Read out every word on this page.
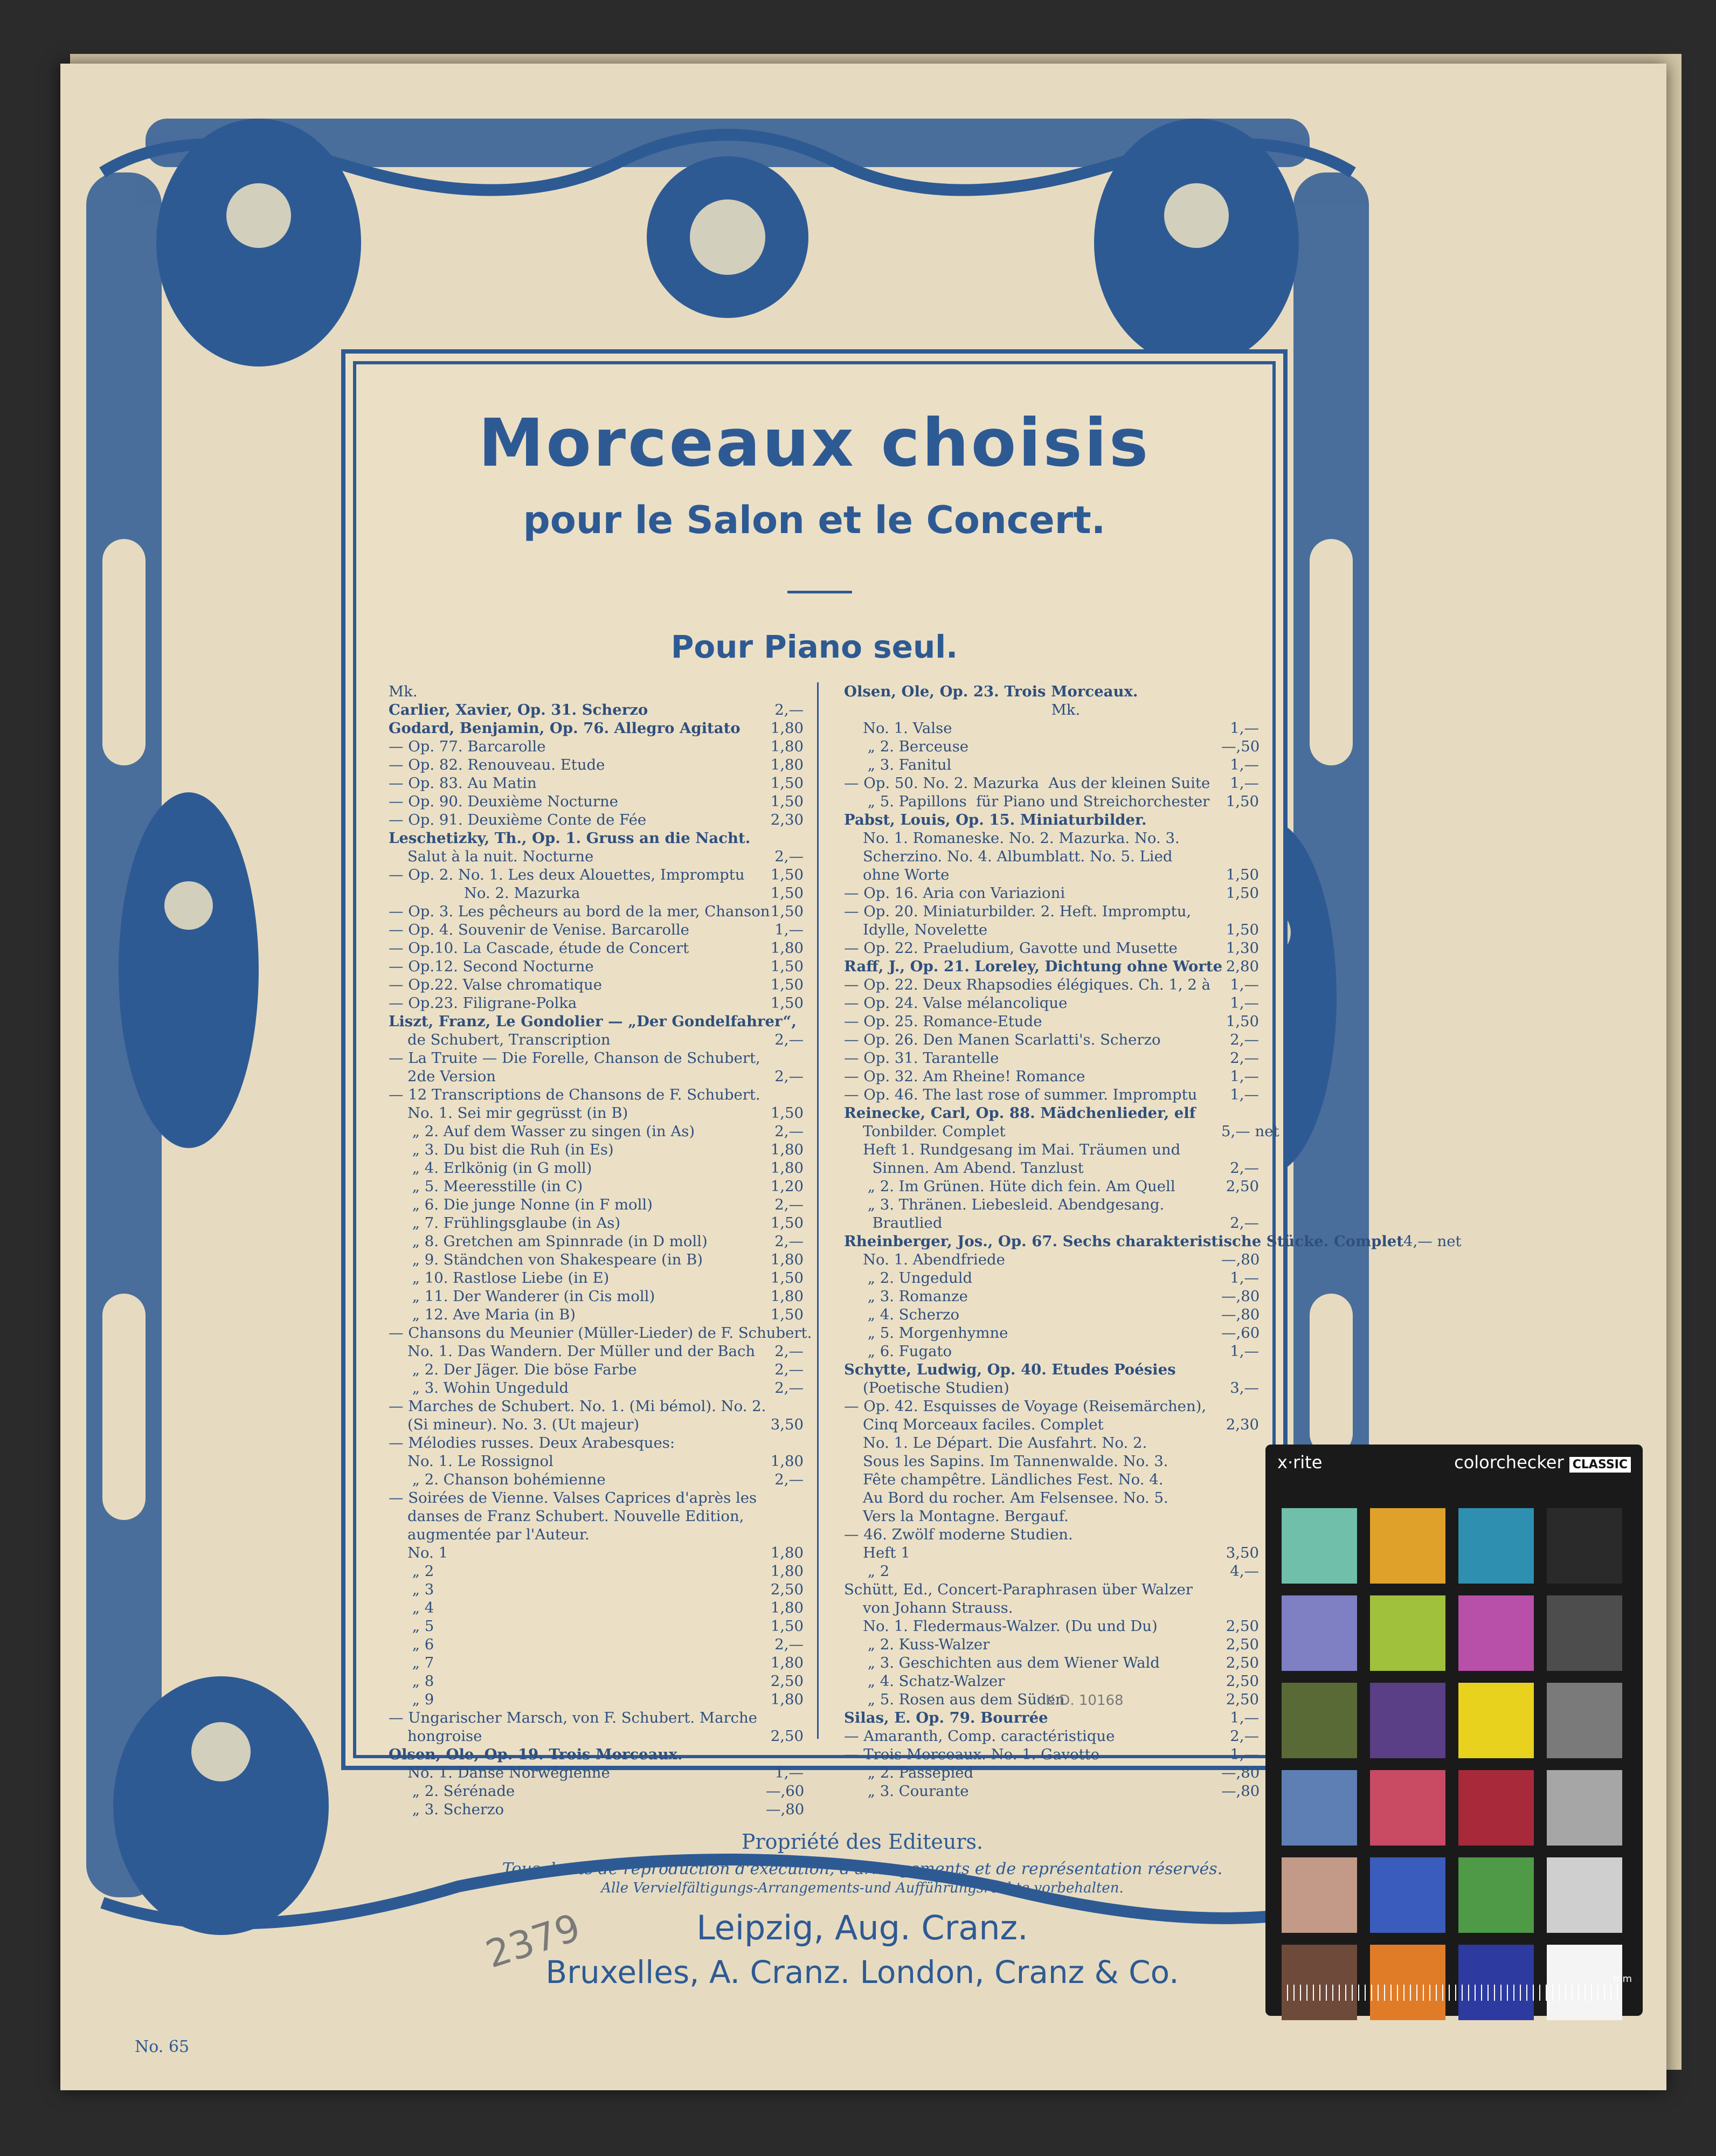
Morceaux choisis
pour le Salon et le Concert.
Pour Piano seul.
Mk.
Carlier, Xavier, Op. 31. Scherzo	2,—
Godard, Benjamin, Op. 76. Allegro Agitato	1,80
— Op. 77. Barcarolle	1,80
— Op. 82. Renouveau. Etude	1,80
— Op. 83. Au Matin	1,50
— Op. 90. Deuxième Nocturne	1,50
— Op. 91. Deuxième Conte de Fée	2,30
Leschetizky, Th., Op. 1. Gruss an die Nacht.
Salut à la nuit. Nocturne	2,—
— Op. 2. No. 1. Les deux Alouettes, Impromptu	1,50
No. 2. Mazurka	1,50
— Op. 3. Les pêcheurs au bord de la mer, Chanson 1,50
— Op. 4. Souvenir de Venise. Barcarolle	1,—
— Op.10. La Cascade, étude de Concert	1,80
— Op.12. Second Nocturne	1,50
— Op.22. Valse chromatique	1,50
— Op.23. Filigrane-Polka	1,50
Liszt, Franz, Le Gondolier — „Der Gondelfahrer“,
de Schubert, Transcription	2,—
— La Truite — Die Forelle, Chanson de Schubert,
2de Version	2,—
— 12 Transcriptions de Chansons de F. Schubert.
No. 1. Sei mir gegrüsst (in B)	1,50
„ 2. Auf dem Wasser zu singen (in As)	2,—
„ 3. Du bist die Ruh (in Es)	1,80
„ 4. Erlkönig (in G moll)	1,80
„ 5. Meeresstille (in C)	1,20
„ 6. Die junge Nonne (in F moll)	2,—
„ 7. Frühlingsglaube (in As)	1,50
„ 8. Gretchen am Spinnrade (in D moll)	2,—
„ 9. Ständchen von Shakespeare (in B)	1,80
„ 10. Rastlose Liebe (in E)	1,50
„ 11. Der Wanderer (in Cis moll)	1,80
„ 12. Ave Maria (in B)	1,50
— Chansons du Meunier (Müller-Lieder) de F. Schubert.
No. 1. Das Wandern. Der Müller und der Bach	2,—
„ 2. Der Jäger. Die böse Farbe	2,—
„ 3. Wohin Ungeduld	2,—
— Marches de Schubert. No. 1. (Mi bémol). No. 2.
(Si mineur). No. 3. (Ut majeur)	3,50
— Mélodies russes. Deux Arabesques:
No. 1. Le Rossignol	1,80
„ 2. Chanson bohémienne	2,—
— Soirées de Vienne. Valses Caprices d'après les
danses de Franz Schubert. Nouvelle Edition,
augmentée par l'Auteur.
No. 1	1,80
„ 2	1,80
„ 3	2,50
„ 4	1,80
„ 5	1,50
„ 6	2,—
„ 7	1,80
„ 8	2,50
„ 9	1,80
— Ungarischer Marsch, von F. Schubert. Marche
hongroise	2,50
Olsen, Ole, Op. 19. Trois Morceaux.
No. 1. Danse Norwégienne	1,—
„ 2. Sérénade	—,60
„ 3. Scherzo	—,80
Olsen, Ole, Op. 23. Trois Morceaux.
Mk.
No. 1. Valse	1,—
„ 2. Berceuse	—,50
„ 3. Fanitul	1,—
— Op. 50. No. 2. Mazurka  Aus der kleinen Suite	1,—
„ 5. Papillons  für Piano und Streichorchester	1,50
Pabst, Louis, Op. 15. Miniaturbilder.
No. 1. Romaneske. No. 2. Mazurka. No. 3.
Scherzino. No. 4. Albumblatt. No. 5. Lied
ohne Worte	1,50
— Op. 16. Aria con Variazioni	1,50
— Op. 20. Miniaturbilder. 2. Heft. Impromptu,
Idylle, Novelette	1,50
— Op. 22. Praeludium, Gavotte und Musette	1,30
Raff, J., Op. 21. Loreley, Dichtung ohne Worte 2,80
— Op. 22. Deux Rhapsodies élégiques. Ch. 1, 2 à	1,—
— Op. 24. Valse mélancolique	1,—
— Op. 25. Romance-Etude	1,50
— Op. 26. Den Manen Scarlatti's. Scherzo	2,—
— Op. 31. Tarantelle	2,—
— Op. 32. Am Rheine! Romance	1,—
— Op. 46. The last rose of summer. Impromptu	1,—
Reinecke, Carl, Op. 88. Mädchenlieder, elf
Tonbilder. Complet	5,— net
Heft 1. Rundgesang im Mai. Träumen und
Sinnen. Am Abend. Tanzlust	2,—
„ 2. Im Grünen. Hüte dich fein. Am Quell	2,50
„ 3. Thränen. Liebesleid. Abendgesang.
Brautlied	2,—
Rheinberger, Jos., Op. 67. Sechs charakteristische Stücke. Complet 4,— net
No. 1. Abendfriede	—,80
„ 2. Ungeduld	1,—
„ 3. Romanze	—,80
„ 4. Scherzo	—,80
„ 5. Morgenhymne	—,60
„ 6. Fugato	1,—
Schytte, Ludwig, Op. 40. Etudes Poésies
(Poetische Studien)	3,—
— Op. 42. Esquisses de Voyage (Reisemärchen),
Cinq Morceaux faciles. Complet	2,30
No. 1. Le Départ. Die Ausfahrt. No. 2.
Sous les Sapins. Im Tannenwalde. No. 3.
Fête champêtre. Ländliches Fest. No. 4.
Au Bord du rocher. Am Felsensee. No. 5.
Vers la Montagne. Bergauf.
— 46. Zwölf moderne Studien.
Heft 1	3,50
„ 2	4,—
Schütt, Ed., Concert-Paraphrasen über Walzer
von Johann Strauss.
No. 1. Fledermaus-Walzer. (Du und Du)	2,50
„ 2. Kuss-Walzer	2,50
„ 3. Geschichten aus dem Wiener Wald	2,50
„ 4. Schatz-Walzer	2,50
„ 5. Rosen aus dem Süden	2,50
Silas, E. Op. 79. Bourrée	1,—
— Amaranth, Comp. caractéristique	2,—
— Trois Morceaux. No. 1. Gavotte	1,—
„ 2. Passepied	—,80
„ 3. Courante	—,80
Propriété des Editeurs.
Tous droits de reproduction d'exécution, d'arrangements et de représentation réservés.
Alle Vervielfältigungs-Arrangements-und Aufführungsrechte vorbehalten.
Leipzig, Aug. Cranz.
Bruxelles, A. Cranz. London, Cranz & Co.
2379
K.D. 10168
No. 65
x·rite	colorchecker CLASSIC
mm
